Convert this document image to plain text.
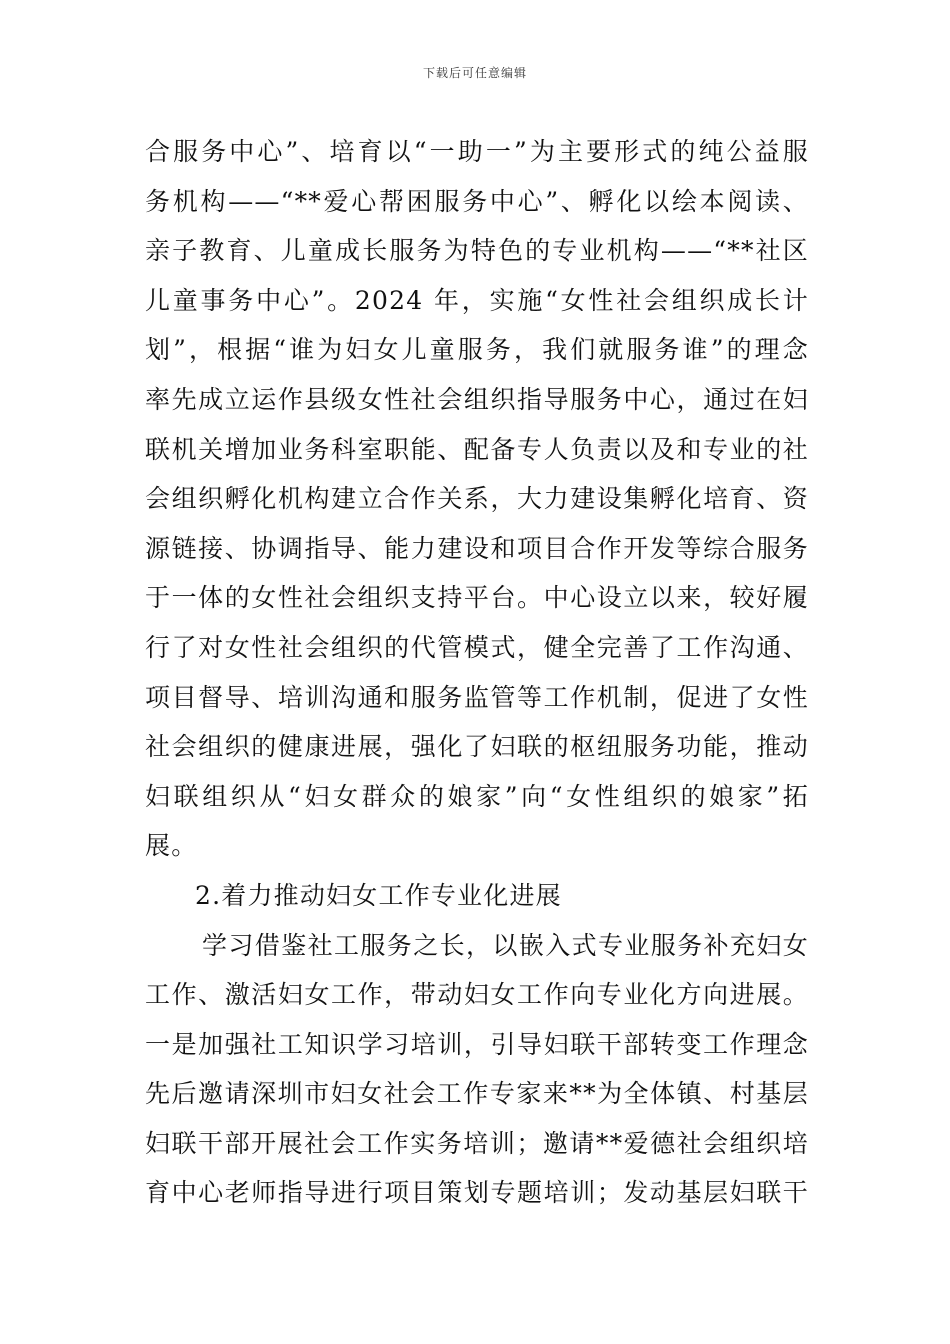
下载后可任意编辑
合服务中心”、培育以“一助一”为主要形式的纯公益服
务机构——“**爱心帮困服务中心”、孵化以绘本阅读、
亲子教育、儿童成长服务为特色的专业机构——“**社区
儿童事务中心”。2024 年，实施“女性社会组织成长计
划”，根据“谁为妇女儿童服务，我们就服务谁”的理念
率先成立运作县级女性社会组织指导服务中心，通过在妇
联机关增加业务科室职能、配备专人负责以及和专业的社
会组织孵化机构建立合作关系，大力建设集孵化培育、资
源链接、协调指导、能力建设和项目合作开发等综合服务
于一体的女性社会组织支持平台。中心设立以来，较好履
行了对女性社会组织的代管模式，健全完善了工作沟通、
项目督导、培训沟通和服务监管等工作机制，促进了女性
社会组织的健康进展，强化了妇联的枢纽服务功能，推动
妇联组织从“妇女群众的娘家”向“女性组织的娘家”拓
展。
2.着力推动妇女工作专业化进展
学习借鉴社工服务之长，以嵌入式专业服务补充妇女
工作、激活妇女工作，带动妇女工作向专业化方向进展。
一是加强社工知识学习培训，引导妇联干部转变工作理念
先后邀请深圳市妇女社会工作专家来**为全体镇、村基层
妇联干部开展社会工作实务培训；邀请**爱德社会组织培
育中心老师指导进行项目策划专题培训；发动基层妇联干
